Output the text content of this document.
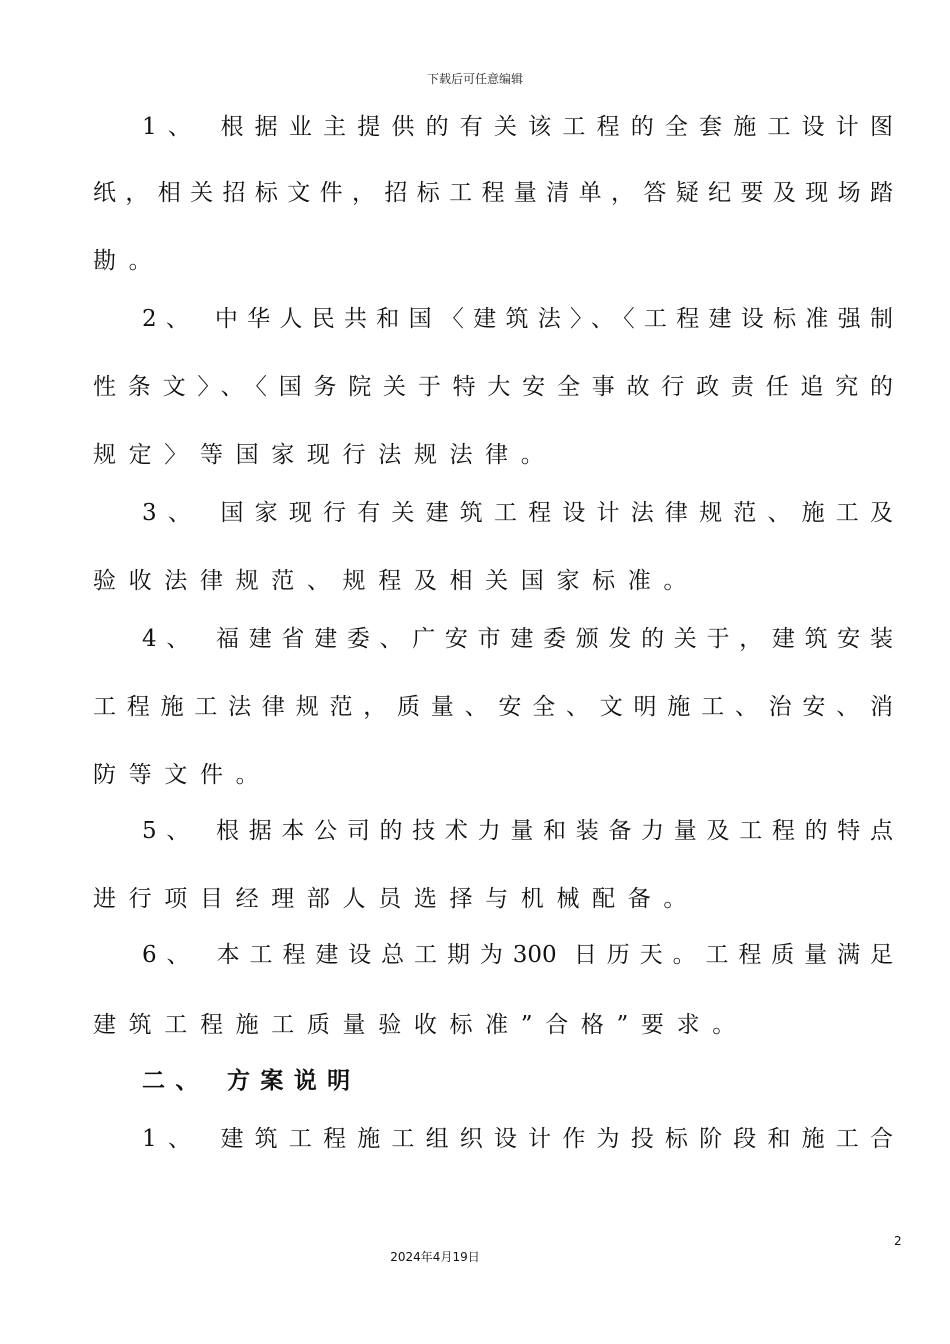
下载后可任意编辑
1、 根据业主提供的有关该工程的全套施工设计图
纸，相关招标文件，招标工程量清单，答疑纪要及现场踏
勘。
2、 中华人民共和国〈建筑法〉、〈工程建设标准强制
性条文〉、〈国务院关于特大安全事故行政责任追究的
规定〉等国家现行法规法律。
3、 国家现行有关建筑工程设计法律规范、施工及
验收法律规范、规程及相关国家标准。
4、 福建省建委、广安市建委颁发的关于，建筑安装
工程施工法律规范，质量、安全、文明施工、治安、消
防等文件。
5、 根据本公司的技术力量和装备力量及工程的特点
进行项目经理部人员选择与机械配备。
6、 本工程建设总工期为300 日历天。工程质量满足
建筑工程施工质量验收标准”合格”要求。
二、 方案说明
1、 建筑工程施工组织设计作为投标阶段和施工合
2
2024年4月19日
